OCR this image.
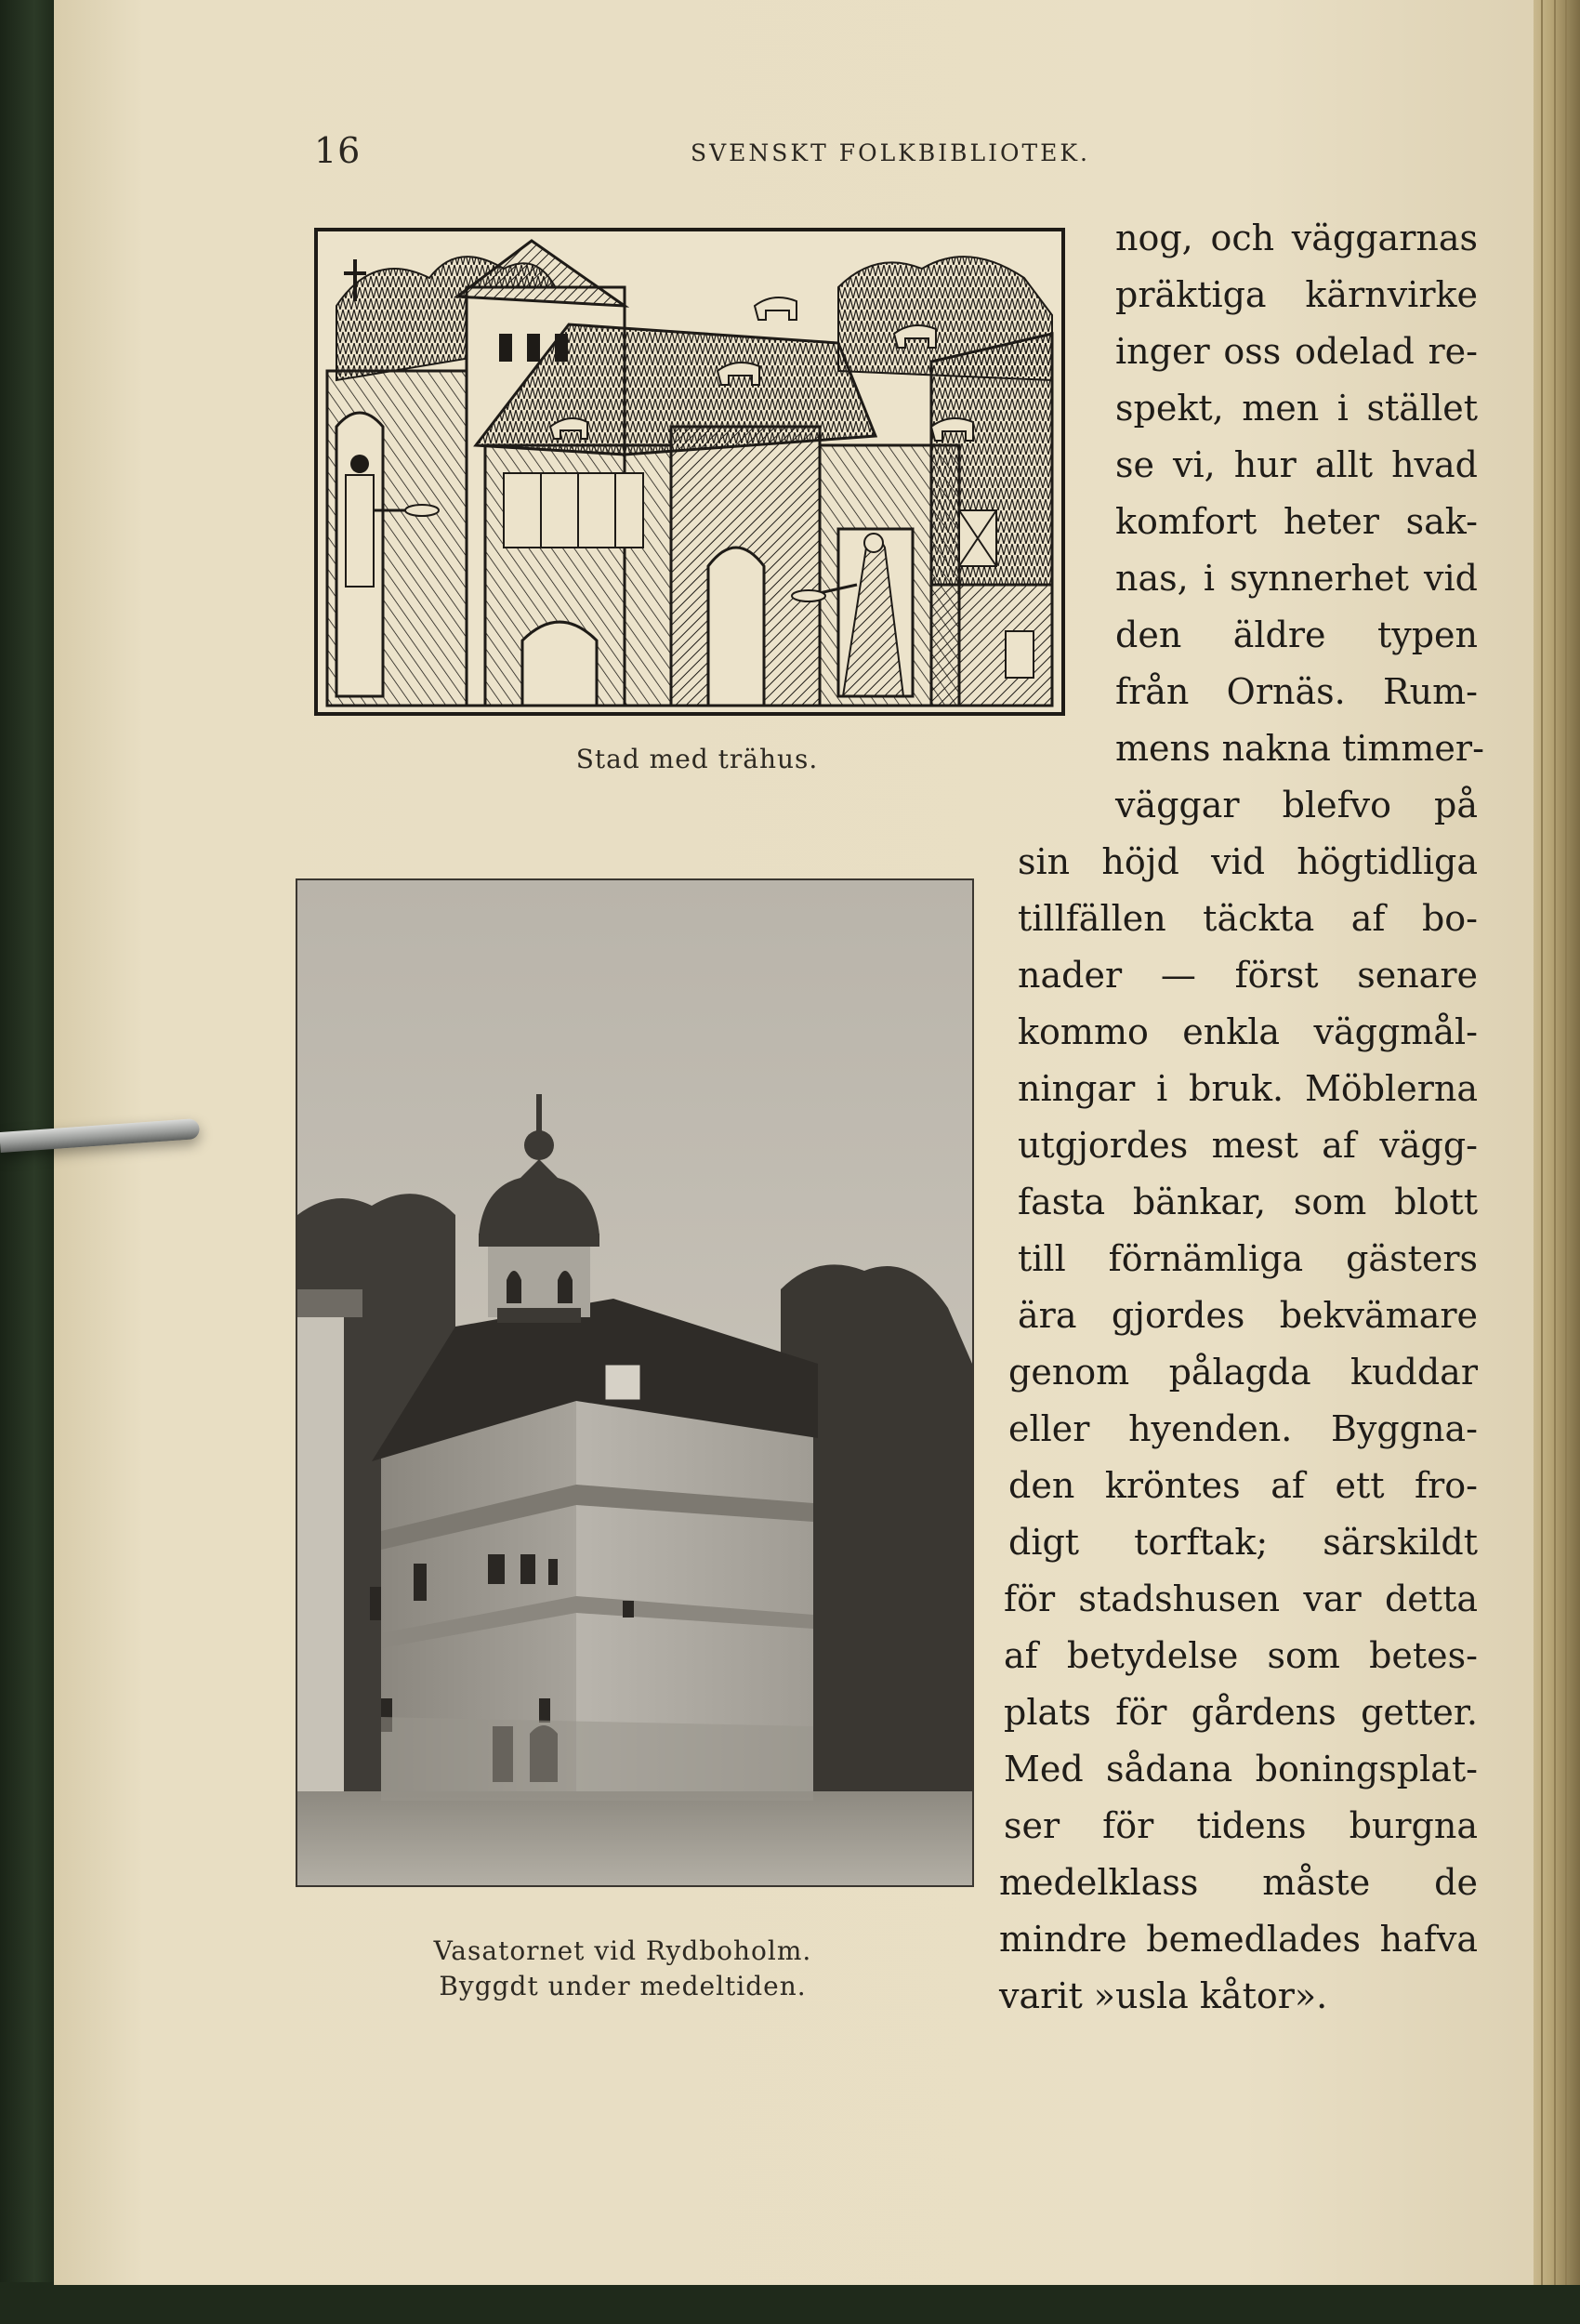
16	SVENSKT FOLKBIBLIOTEK.
Stad med trähus.
Vasatornet vid Rydboholm.
Byggdt under medeltiden.
nog, och väggarnas
präktiga kärnvirke
inger oss odelad re-
spekt, men i stället
se vi, hur allt hvad
komfort heter sak-
nas, i synnerhet vid
den äldre typen
från Ornäs. Rum-
mens nakna timmer-
väggar blefvo på
sin höjd vid högtidliga
tillfällen täckta af bo-
nader — först senare
kommo enkla väggmål-
ningar i bruk. Möblerna
utgjordes mest af vägg-
fasta bänkar, som blott
till förnämliga gästers
ära gjordes bekvämare
genom pålagda kuddar
eller hyenden. Byggna-
den kröntes af ett fro-
digt torftak; särskildt
för stadshusen var detta
af betydelse som betes-
plats för gårdens getter.
Med sådana boningsplat-
ser för tidens burgna
medelklass måste de
mindre bemedlades hafva
varit »usla kåtor».
